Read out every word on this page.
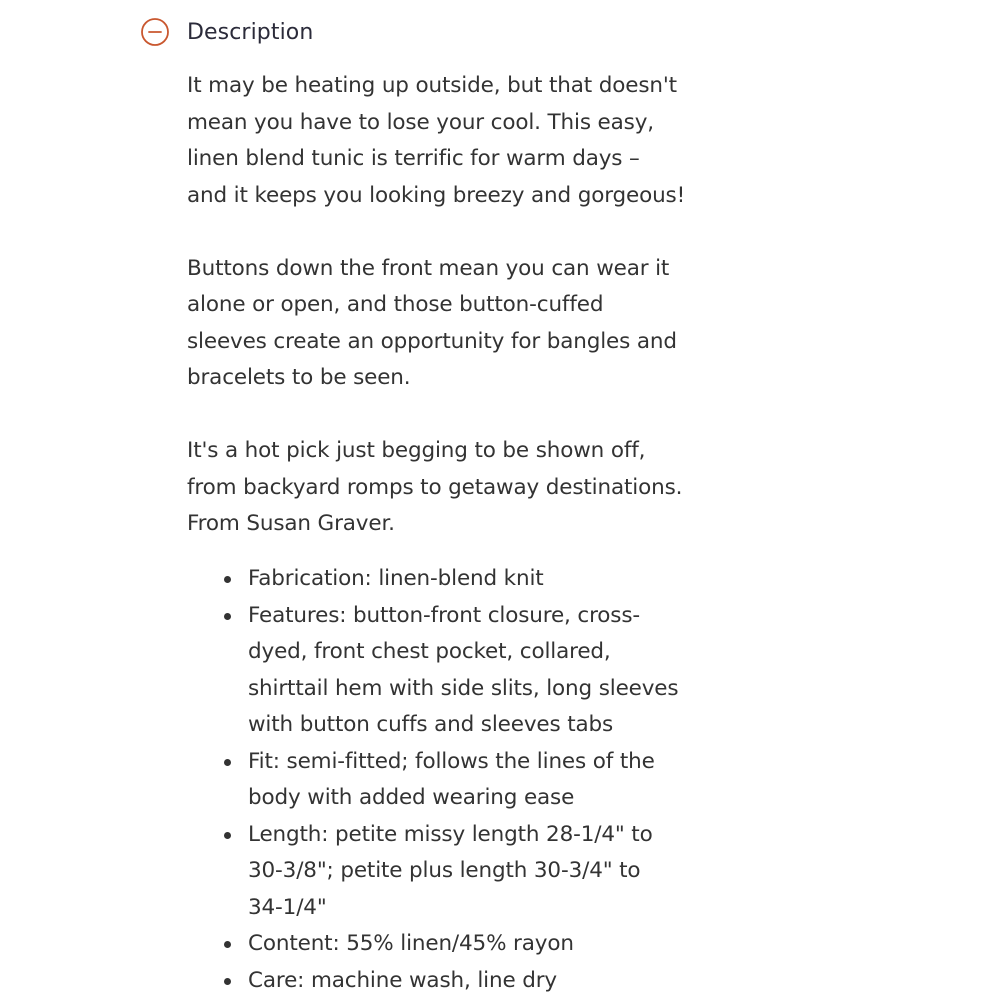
Description

It may be heating up outside, but that doesn't
mean you have to lose your cool. This easy,
linen blend tunic is terrific for warm days –
and it keeps you looking breezy and gorgeous!

Buttons down the front mean you can wear it
alone or open, and those button-cuffed
sleeves create an opportunity for bangles and
bracelets to be seen.

It's a hot pick just begging to be shown off,
from backyard romps to getaway destinations.
From Susan Graver.

Fabrication: linen-blend knit
Features: button-front closure, cross-
dyed, front chest pocket, collared,
shirttail hem with side slits, long sleeves
with button cuffs and sleeves tabs
Fit: semi-fitted; follows the lines of the
body with added wearing ease
Length: petite missy length 28-1/4" to
30-3/8"; petite plus length 30-3/4" to
34-1/4"
Content: 55% linen/45% rayon
Care: machine wash, line dry
